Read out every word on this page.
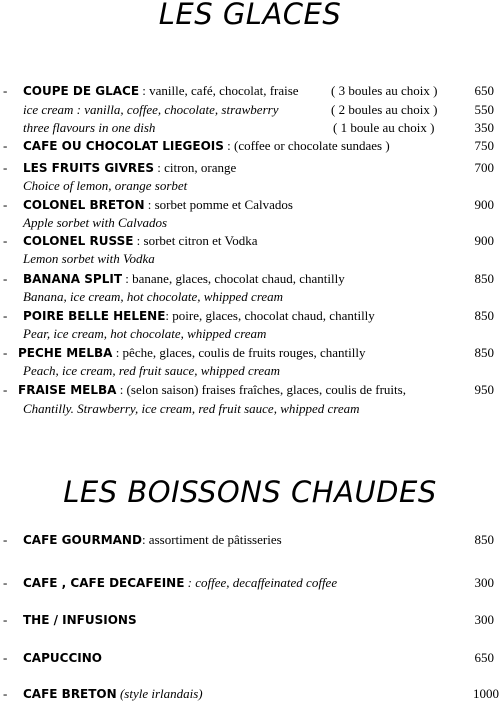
LES GLACES
- COUPE DE GLACE : vanille, café, chocolat, fraise ( 3 boules au choix )	650
ice cream : vanilla, coffee, chocolate, strawberry	( 2 boules au choix )	550
three flavours in one dish	( 1 boule au choix )	350
- CAFE OU CHOCOLAT LIEGEOIS : (coffee or chocolate sundaes )	750
- LES FRUITS GIVRES : citron, orange	700
Choice of lemon, orange sorbet
- COLONEL BRETON : sorbet pomme et Calvados	900
Apple sorbet with Calvados
- COLONEL RUSSE : sorbet citron et Vodka	900
Lemon sorbet with Vodka
- BANANA SPLIT : banane, glaces, chocolat chaud, chantilly	850
Banana, ice cream, hot chocolate, whipped cream
- POIRE BELLE HELENE: poire, glaces, chocolat chaud, chantilly	850
Pear, ice cream, hot chocolate, whipped cream
- PECHE MELBA : pêche, glaces, coulis de fruits rouges, chantilly	850
Peach, ice cream, red fruit sauce, whipped cream
- FRAISE MELBA : (selon saison) fraises fraîches, glaces, coulis de fruits,	950
Chantilly. Strawberry, ice cream, red fruit sauce, whipped cream
LES BOISSONS CHAUDES
- CAFE GOURMAND: assortiment de pâtisseries	850
- CAFE , CAFE DECAFEINE : coffee, decaffeinated coffee	300
- THE / INFUSIONS	300
- CAPUCCINO	650
- CAFE BRETON (style irlandais)	1000
